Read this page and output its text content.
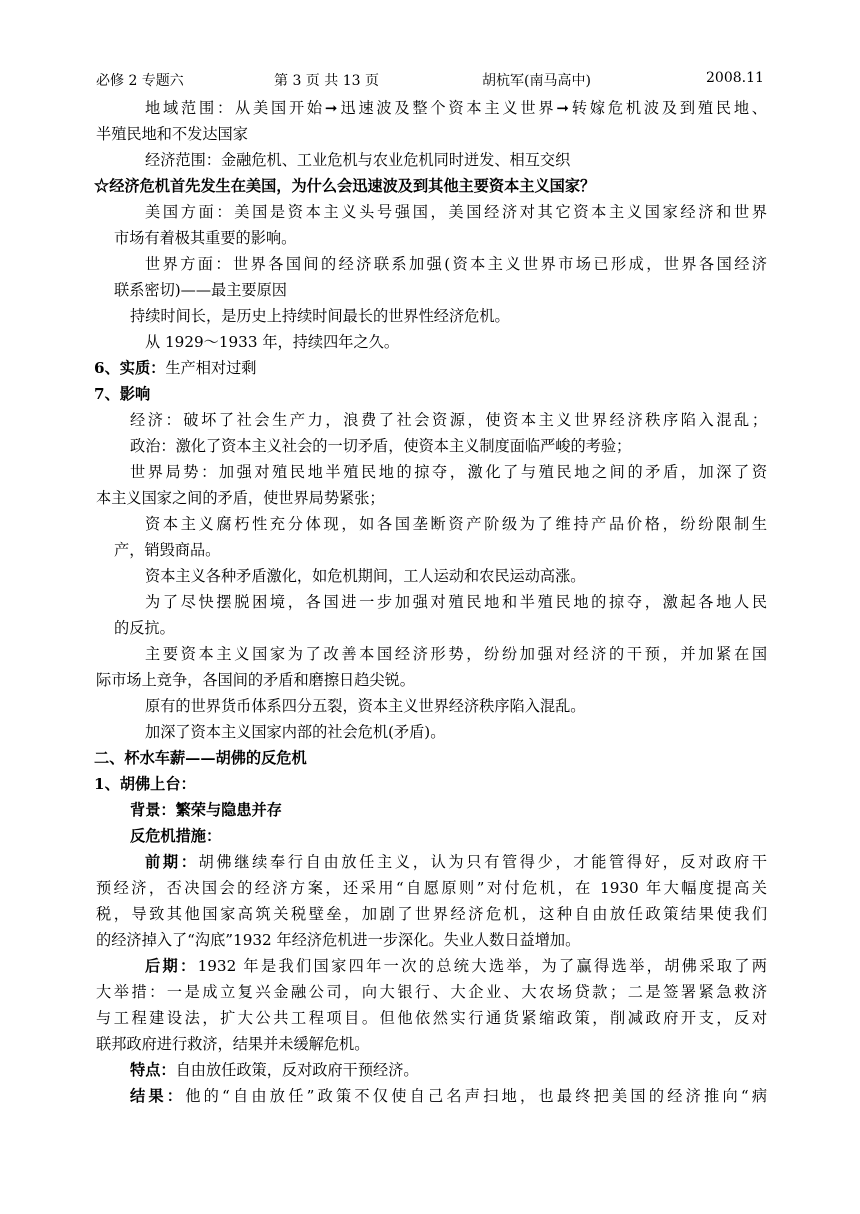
必修 2 专题六	第 3 页 共 13 页	胡杭军(南马高中)	2008.11
地域范围：从美国开始➞迅速波及整个资本主义世界➞转嫁危机波及到殖民地、
半殖民地和不发达国家
经济范围：金融危机、工业危机与农业危机同时迸发、相互交织
☆经济危机首先发生在美国，为什么会迅速波及到其他主要资本主义国家？
美国方面：美国是资本主义头号强国，美国经济对其它资本主义国家经济和世界
市场有着极其重要的影响。
世界方面：世界各国间的经济联系加强(资本主义世界市场已形成，世界各国经济
联系密切)——最主要原因
持续时间长，是历史上持续时间最长的世界性经济危机。
从 1929～1933 年，持续四年之久。
6、实质：生产相对过剩
7、影响
经济：破坏了社会生产力，浪费了社会资源，使资本主义世界经济秩序陷入混乱；
政治：激化了资本主义社会的一切矛盾，使资本主义制度面临严峻的考验；
世界局势：加强对殖民地半殖民地的掠夺，激化了与殖民地之间的矛盾，加深了资
本主义国家之间的矛盾，使世界局势紧张；
资本主义腐朽性充分体现，如各国垄断资产阶级为了维持产品价格，纷纷限制生
产，销毁商品。
资本主义各种矛盾激化，如危机期间，工人运动和农民运动高涨。
为了尽快摆脱困境，各国进一步加强对殖民地和半殖民地的掠夺，激起各地人民
的反抗。
主要资本主义国家为了改善本国经济形势，纷纷加强对经济的干预，并加紧在国
际市场上竞争，各国间的矛盾和磨擦日趋尖锐。
原有的世界货币体系四分五裂，资本主义世界经济秩序陷入混乱。
加深了资本主义国家内部的社会危机(矛盾)。
二、杯水车薪——胡佛的反危机
1、胡佛上台：
背景：繁荣与隐患并存
反危机措施：
前期：胡佛继续奉行自由放任主义，认为只有管得少，才能管得好，反对政府干
预经济，否决国会的经济方案，还采用“自愿原则”对付危机，在 1930 年大幅度提高关
税，导致其他国家高筑关税壁垒，加剧了世界经济危机，这种自由放任政策结果使我们
的经济掉入了“沟底”1932 年经济危机进一步深化。失业人数日益增加。
后期：1932 年是我们国家四年一次的总统大选举，为了赢得选举，胡佛采取了两
大举措：一是成立复兴金融公司，向大银行、大企业、大农场贷款；二是签署紧急救济
与工程建设法，扩大公共工程项目。但他依然实行通货紧缩政策，削减政府开支，反对
联邦政府进行救济，结果并未缓解危机。
特点：自由放任政策，反对政府干预经济。
结果：他的“自由放任”政策不仅使自己名声扫地，也最终把美国的经济推向“病
